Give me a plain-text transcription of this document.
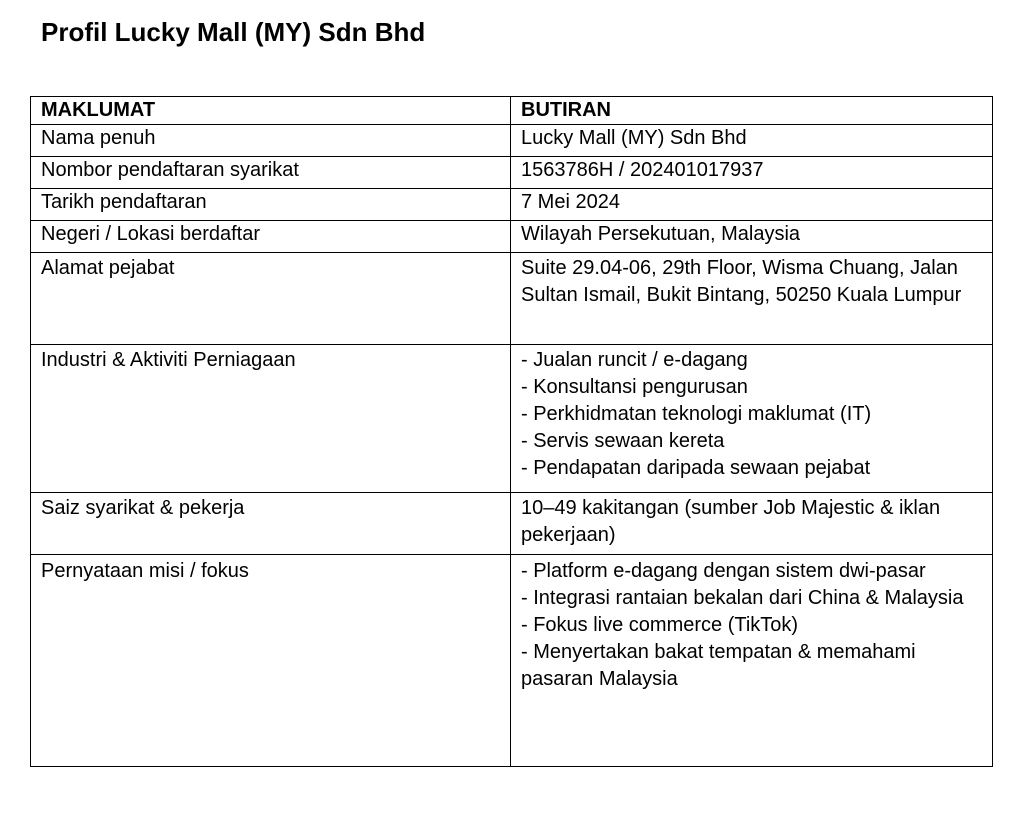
Profil Lucky Mall (MY) Sdn Bhd
MAKLUMAT	BUTIRAN
Nama penuh	Lucky Mall (MY) Sdn Bhd

Nombor pendaftaran syarikat	1563786H / 202401017937

Tarikh pendaftaran	7 Mei 2024

Negeri / Lokasi berdaftar	Wilayah Persekutuan, Malaysia

Alamat pejabat	Suite 29.04-06, 29th Floor, Wisma Chuang, Jalan Sultan Ismail, Bukit Bintang, 50250 Kuala Lumpur

Industri & Aktiviti Perniagaan	- Jualan runcit / e-dagang
- Konsultansi pengurusan
- Perkhidmatan teknologi maklumat (IT)
- Servis sewaan kereta
- Pendapatan daripada sewaan pejabat

Saiz syarikat & pekerja	10–49 kakitangan (sumber Job Majestic & iklan pekerjaan)

Pernyataan misi / fokus	- Platform e-dagang dengan sistem dwi-pasar
- Integrasi rantaian bekalan dari China & Malaysia
- Fokus live commerce (TikTok)
- Menyertakan bakat tempatan & memahami pasaran Malaysia
